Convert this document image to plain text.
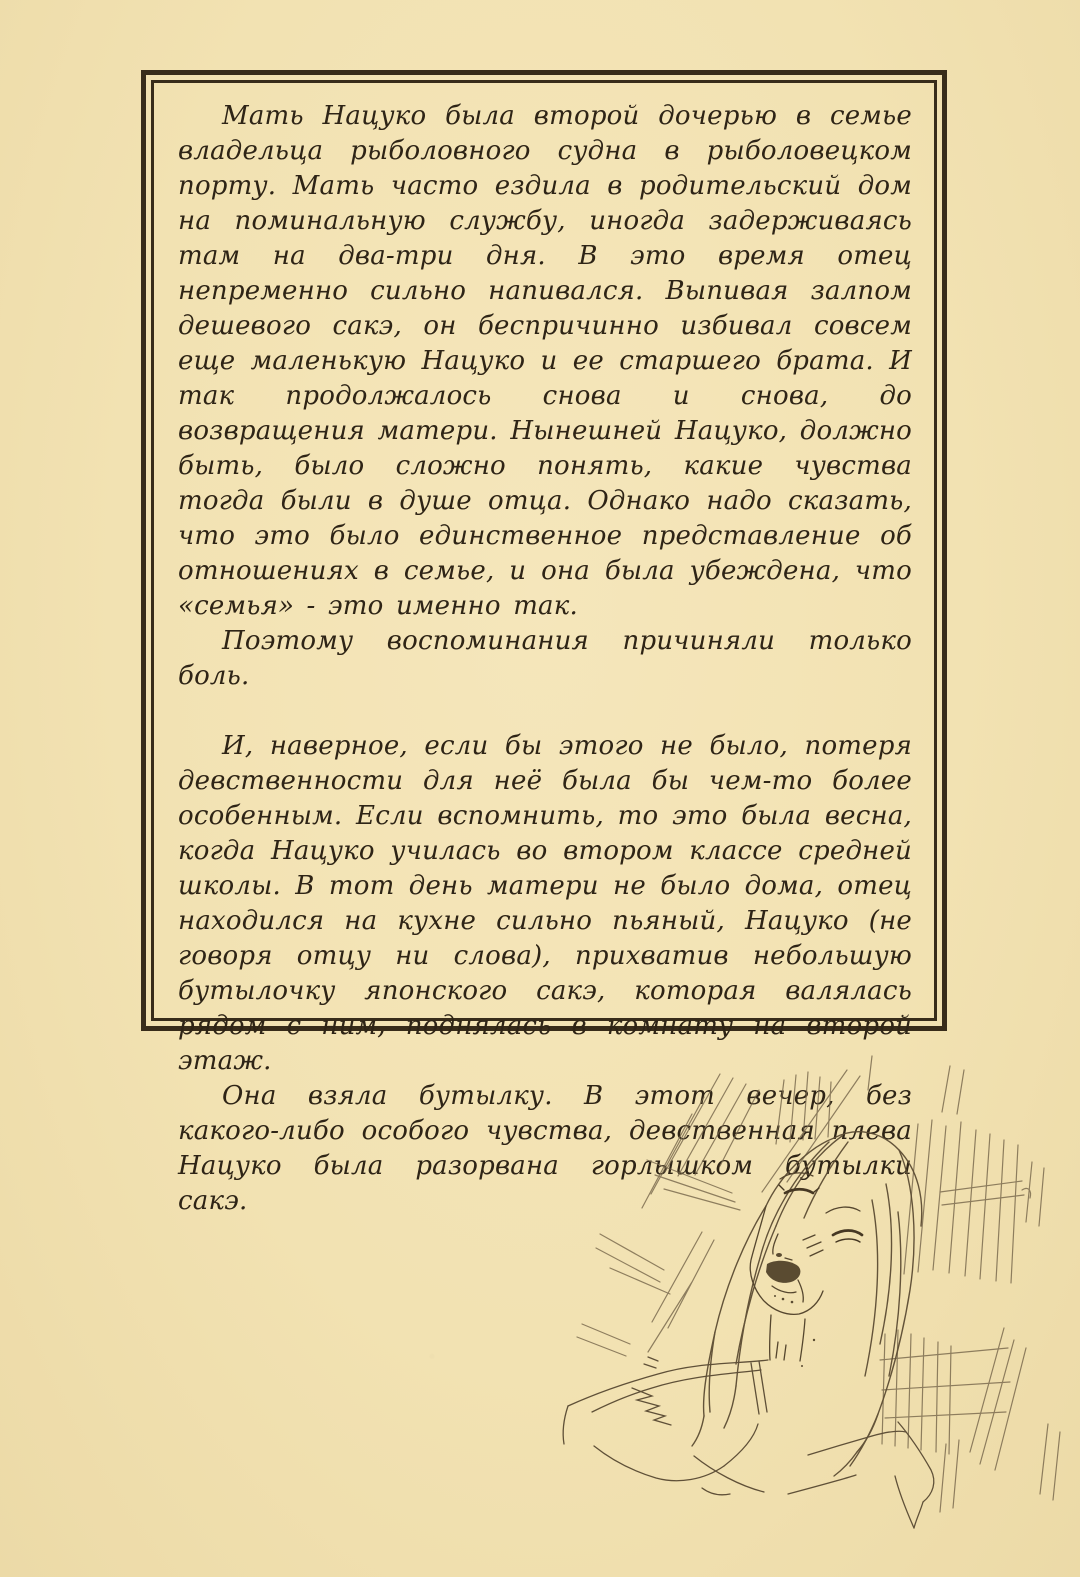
Мать Нацуко была второй дочерью в семье владельца рыболовного судна в рыболовецком порту. Мать часто ездила в родительский дом на поминальную службу, иногда задерживаясь там на два-три дня. В это время отец непременно сильно напивался. Выпивая залпом дешевого сакэ, он беспричинно избивал совсем еще маленькую Нацуко и ее старшего брата. И так продолжалось снова и снова, до возвращения матери. Нынешней Нацуко, должно быть, было сложно понять, какие чувства тогда были в душе отца. Однако надо сказать, что это было единственное представление об отношениях в семье, и она была убеждена, что «семья» - это именно так.

Поэтому воспоминания причиняли только боль.

И, наверное, если бы этого не было, потеря девственности для неё была бы чем-то более особенным. Если вспомнить, то это была весна, когда Нацуко училась во втором классе средней школы. В тот день матери не было дома, отец находился на кухне сильно пьяный, Нацуко (не говоря отцу ни слова), прихватив небольшую бутылочку японского сакэ, которая валялась рядом с ним, поднялась в комнату на второй этаж.

Она взяла бутылку. В этот вечер, без какого-либо особого чувства, девственная плева Нацуко была разорвана горлышком бутылки сакэ.
